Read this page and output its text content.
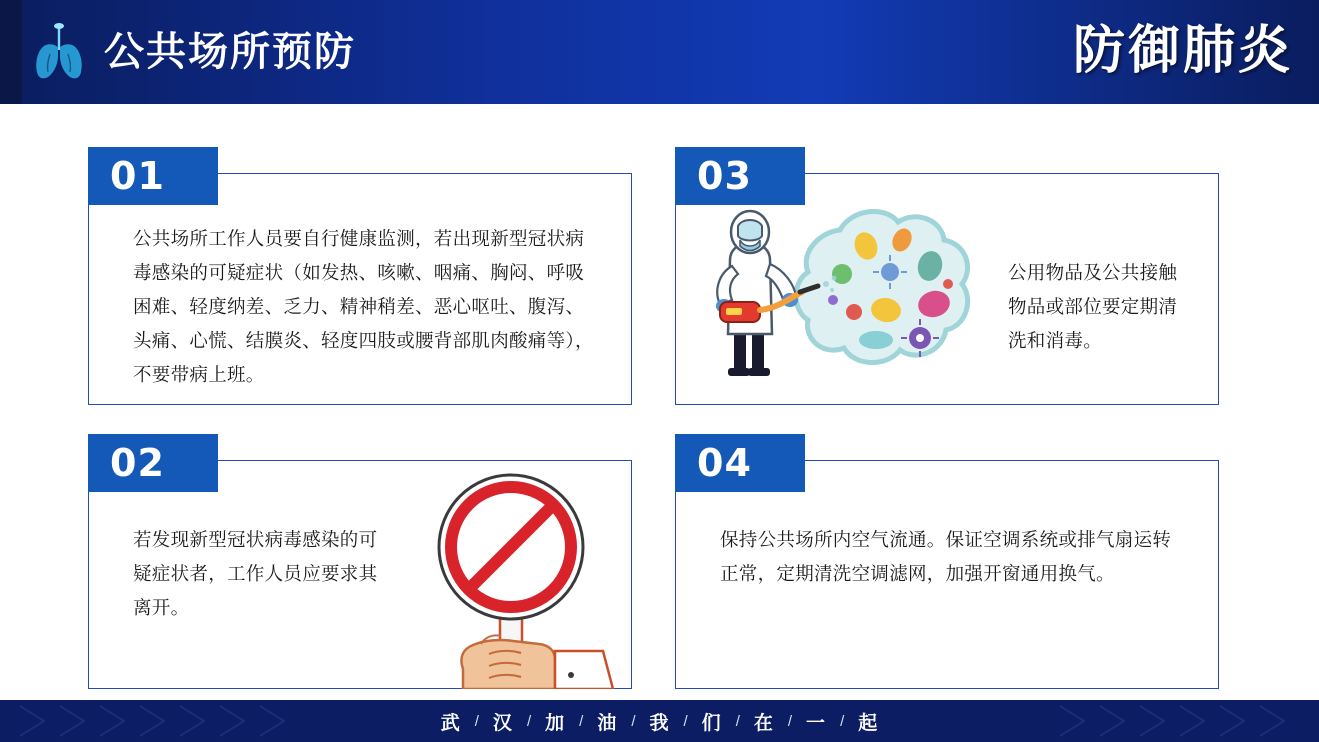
公共场所预防	防御肺炎
01
公共场所工作人员要自行健康监测，若出现新型冠状病毒感染的可疑症状（如发热、咳嗽、咽痛、胸闷、呼吸困难、轻度纳差、乏力、精神稍差、恶心呕吐、腹泻、头痛、心慌、结膜炎、轻度四肢或腰背部肌肉酸痛等），不要带病上班。
02
若发现新型冠状病毒感染的可疑症状者，工作人员应要求其离开。
03
公用物品及公共接触物品或部位要定期清洗和消毒。
04
保持公共场所内空气流通。保证空调系统或排气扇运转正常，定期清洗空调滤网，加强开窗通用换气。
武 / 汉 / 加 / 油 / 我 / 们 / 在 / 一 / 起
